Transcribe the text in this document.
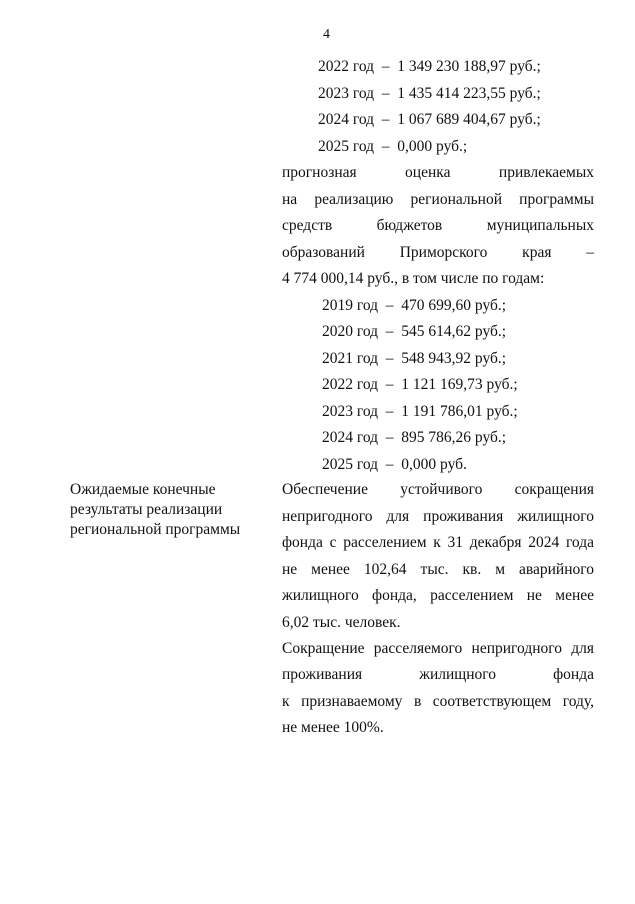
4
2022 год  –  1 349 230 188,97 руб.;
2023 год  –  1 435 414 223,55 руб.;
2024 год  –  1 067 689 404,67 руб.;
2025 год  –  0,000 руб.;
прогнозная оценка привлекаемых
на реализацию региональной программы
средств бюджетов муниципальных
образований Приморского края –
4 774 000,14 руб., в том числе по годам:
2019 год  –  470 699,60 руб.;
2020 год  –  545 614,62 руб.;
2021 год  –  548 943,92 руб.;
2022 год  –  1 121 169,73 руб.;
2023 год  –  1 191 786,01 руб.;
2024 год  –  895 786,26 руб.;
2025 год  –  0,000 руб.
Ожидаемые конечные
результаты реализации
региональной программы
Обеспечение устойчивого сокращения
непригодного для проживания жилищного
фонда с расселением к 31 декабря 2024 года
не менее 102,64 тыс. кв. м аварийного
жилищного фонда, расселением не менее
6,02 тыс. человек.
Сокращение расселяемого непригодного для
проживания жилищного фонда
к признаваемому в соответствующем году,
не менее 100%.
